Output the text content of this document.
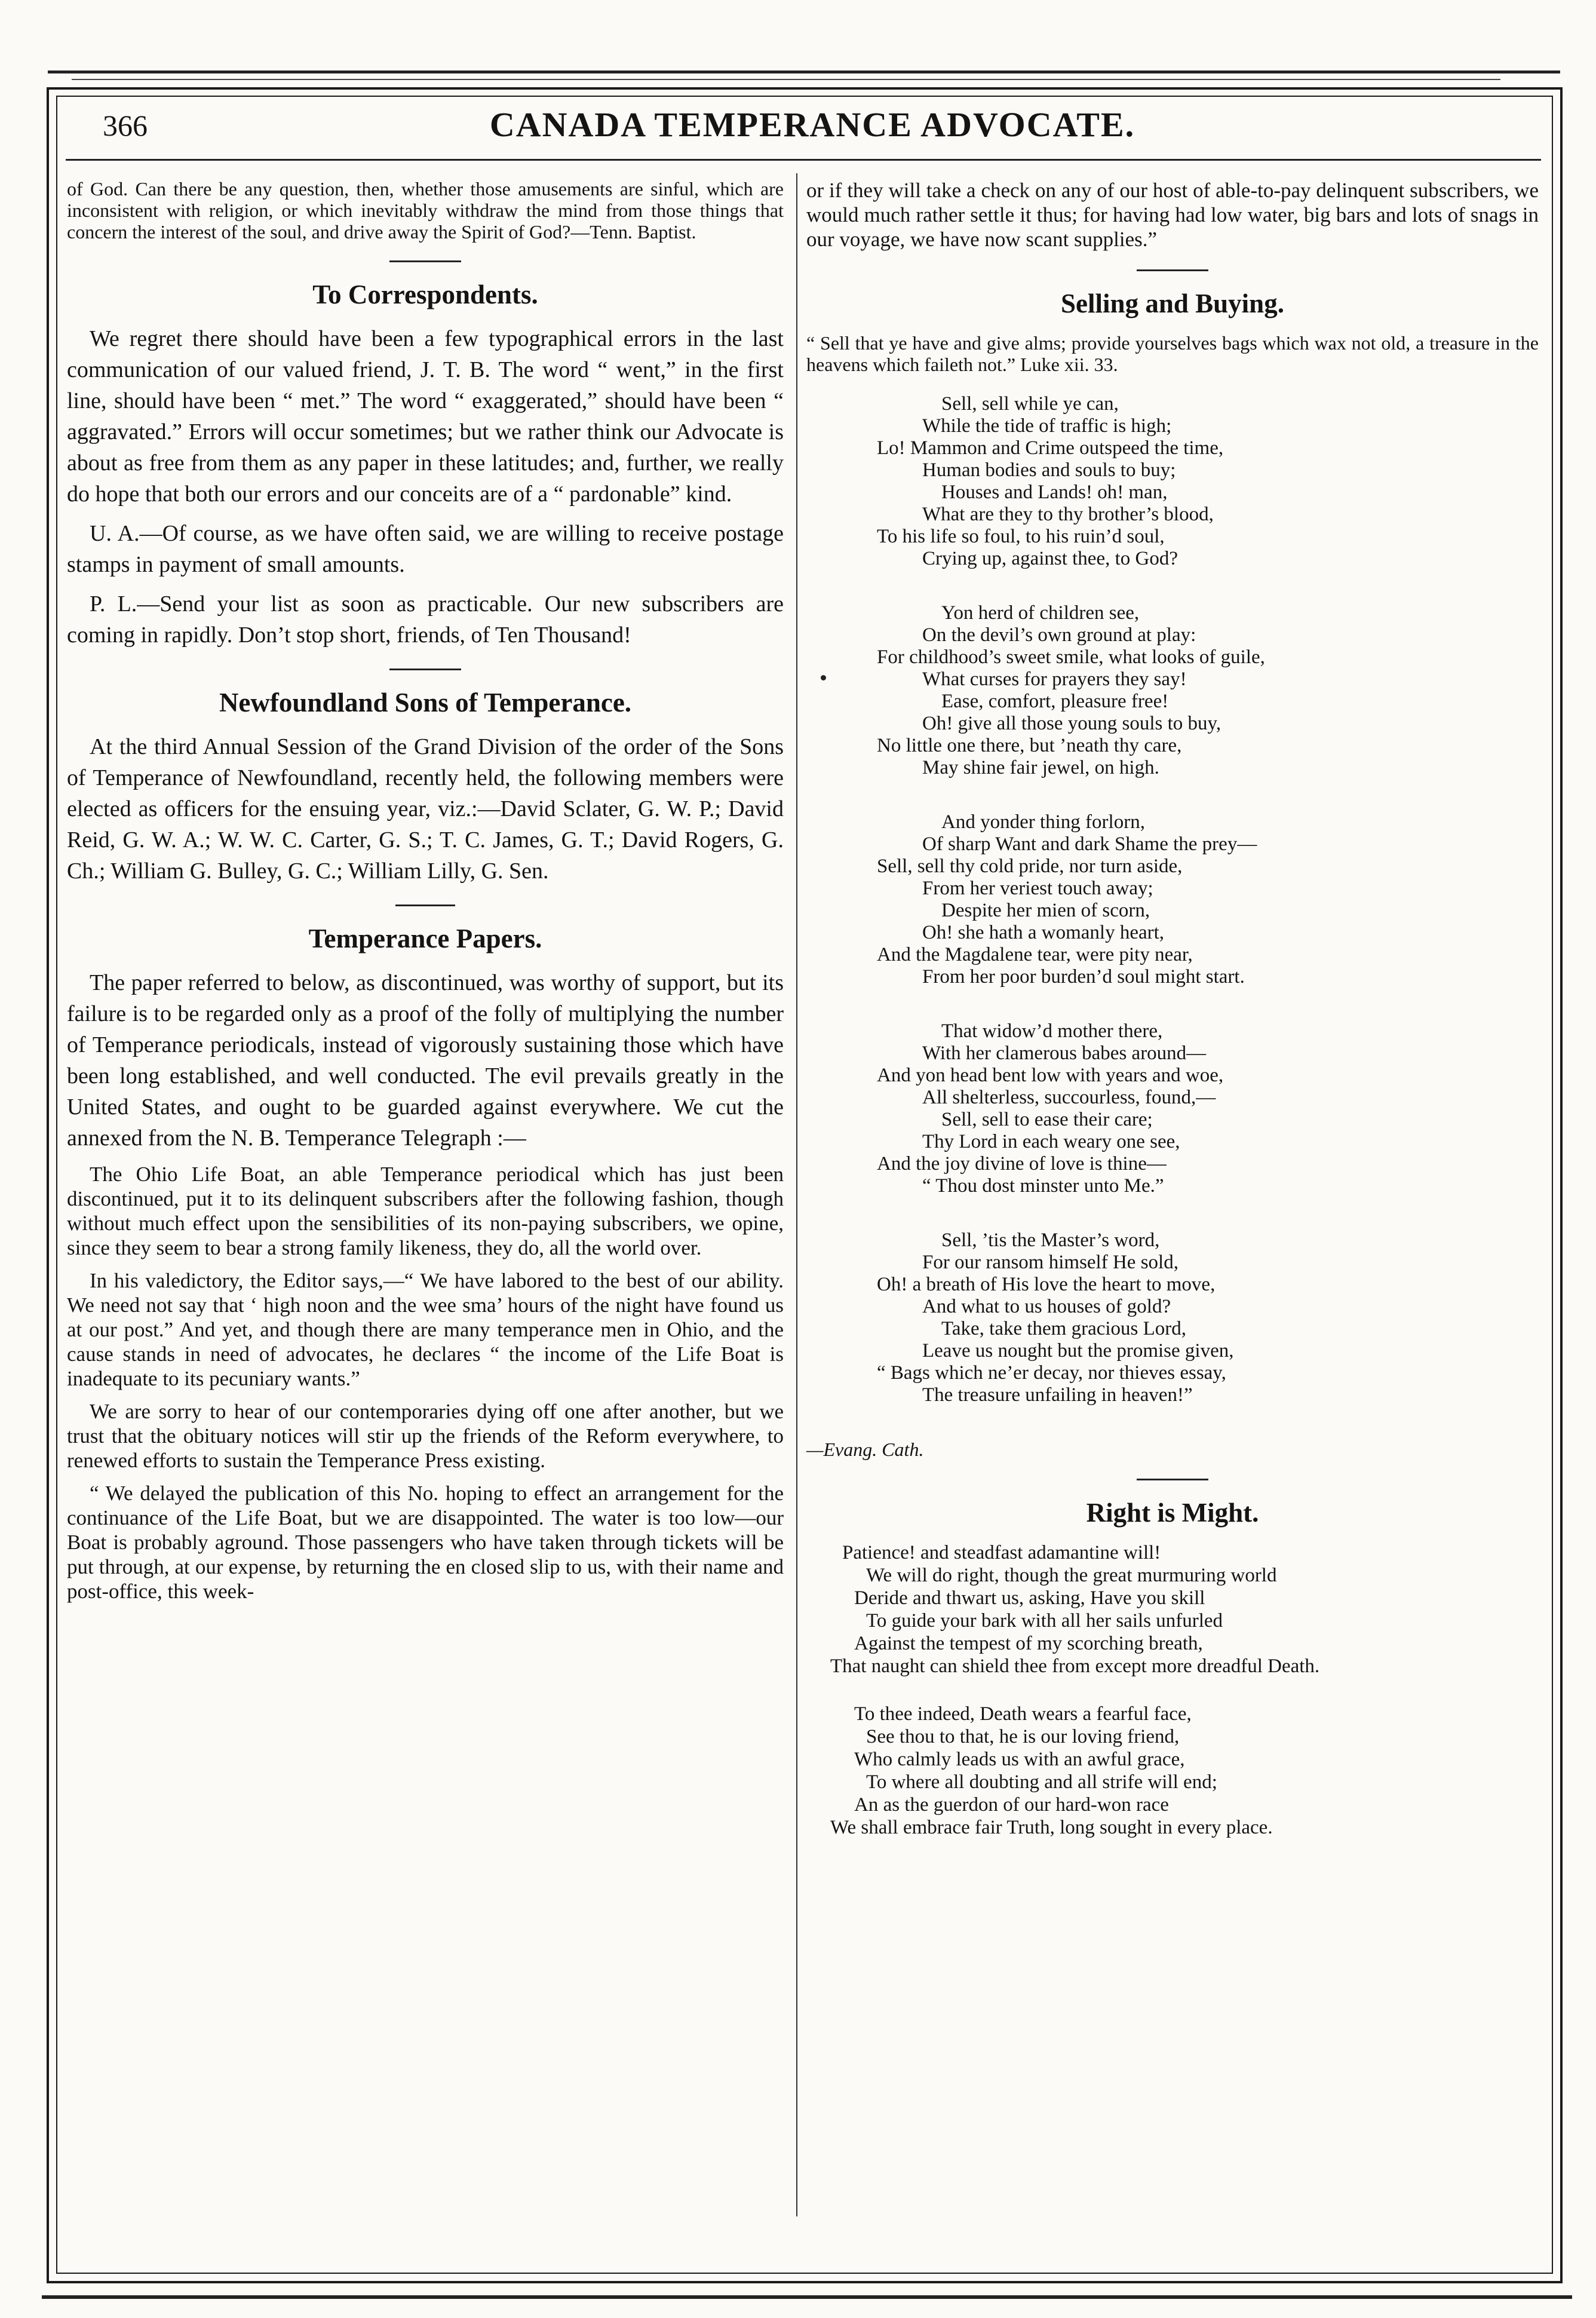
CANADA TEMPERANCE ADVOCATE.
366

of God. Can there be any question, then, whether those amusements are sinful, which are inconsistent with religion, or which inevitably withdraw the mind from those things that concern the interest of the soul, and drive away the Spirit of God?—Tenn. Baptist.

To Correspondents.

We regret there should have been a few typographical errors in the last communication of our valued friend, J. T. B. The word “ went,” in the first line, should have been “ met.” The word “ exaggerated,” should have been “ aggravated.” Errors will occur sometimes; but we rather think our Advocate is about as free from them as any paper in these latitudes; and, further, we really do hope that both our errors and our conceits are of a “ pardonable” kind.

U. A.—Of course, as we have often said, we are willing to receive postage stamps in payment of small amounts.

P. L.—Send your list as soon as practicable. Our new subscribers are coming in rapidly. Don’t stop short, friends, of Ten Thousand!

Newfoundland Sons of Temperance.

At the third Annual Session of the Grand Division of the order of the Sons of Temperance of Newfoundland, recently held, the following members were elected as officers for the ensuing year, viz.:—David Sclater, G. W. P.; David Reid, G. W. A.; W. W. C. Carter, G. S.; T. C. James, G. T.; David Rogers, G. Ch.; William G. Bulley, G. C.; William Lilly, G. Sen.

Temperance Papers.

The paper referred to below, as discontinued, was worthy of support, but its failure is to be regarded only as a proof of the folly of multiplying the number of Temperance periodicals, instead of vigorously sustaining those which have been long established, and well conducted. The evil prevails greatly in the United States, and ought to be guarded against everywhere. We cut the annexed from the N. B. Temperance Telegraph :—

The Ohio Life Boat, an able Temperance periodical which has just been discontinued, put it to its delinquent subscribers after the following fashion, though without much effect upon the sensibilities of its non-paying subscribers, we opine, since they seem to bear a strong family likeness, they do, all the world over.

In his valedictory, the Editor says,—“ We have labored to the best of our ability. We need not say that ‘ high noon and the wee sma’ hours of the night have found us at our post.” And yet, and though there are many temperance men in Ohio, and the cause stands in need of advocates, he declares “ the income of the Life Boat is inadequate to its pecuniary wants.”

We are sorry to hear of our contemporaries dying off one after another, but we trust that the obituary notices will stir up the friends of the Reform everywhere, to renewed efforts to sustain the Temperance Press existing.

“ We delayed the publication of this No. hoping to effect an arrangement for the continuance of the Life Boat, but we are disappointed. The water is too low—our Boat is probably aground. Those passengers who have taken through tickets will be put through, at our expense, by returning the en closed slip to us, with their name and post-office, this week-

or if they will take a check on any of our host of able-to-pay delinquent subscribers, we would much rather settle it thus; for having had low water, big bars and lots of snags in our voyage, we have now scant supplies.”

Selling and Buying.

“ Sell that ye have and give alms; provide yourselves bags which wax not old, a treasure in the heavens which faileth not.” Luke xii. 33.

Sell, sell while ye can,
While the tide of traffic is high;
Lo! Mammon and Crime outspeed the time,
Human bodies and souls to buy;
Houses and Lands! oh! man,
What are they to thy brother’s blood,
To his life so foul, to his ruin’d soul,
Crying up, against thee, to God?
Yon herd of children see,
On the devil’s own ground at play:
For childhood’s sweet smile, what looks of guile,
What curses for prayers they say!
Ease, comfort, pleasure free!
Oh! give all those young souls to buy,
No little one there, but ’neath thy care,
May shine fair jewel, on high.
And yonder thing forlorn,
Of sharp Want and dark Shame the prey—
Sell, sell thy cold pride, nor turn aside,
From her veriest touch away;
Despite her mien of scorn,
Oh! she hath a womanly heart,
And the Magdalene tear, were pity near,
From her poor burden’d soul might start.
That widow’d mother there,
With her clamerous babes around—
And yon head bent low with years and woe,
All shelterless, succourless, found,—
Sell, sell to ease their care;
Thy Lord in each weary one see,
And the joy divine of love is thine—
“ Thou dost minster unto Me.”
Sell, ’tis the Master’s word,
For our ransom himself He sold,
Oh! a breath of His love the heart to move,
And what to us houses of gold?
Take, take them gracious Lord,
Leave us nought but the promise given,
“ Bags which ne’er decay, nor thieves essay,
The treasure unfailing in heaven!”

—Evang. Cath.

Right is Might.
Patience! and steadfast adamantine will!
We will do right, though the great murmuring world
Deride and thwart us, asking, Have you skill
To guide your bark with all her sails unfurled
Against the tempest of my scorching breath,
That naught can shield thee from except more dreadful Death.
To thee indeed, Death wears a fearful face,
See thou to that, he is our loving friend,
Who calmly leads us with an awful grace,
To where all doubting and all strife will end;
An as the guerdon of our hard-won race
We shall embrace fair Truth, long sought in every place.
